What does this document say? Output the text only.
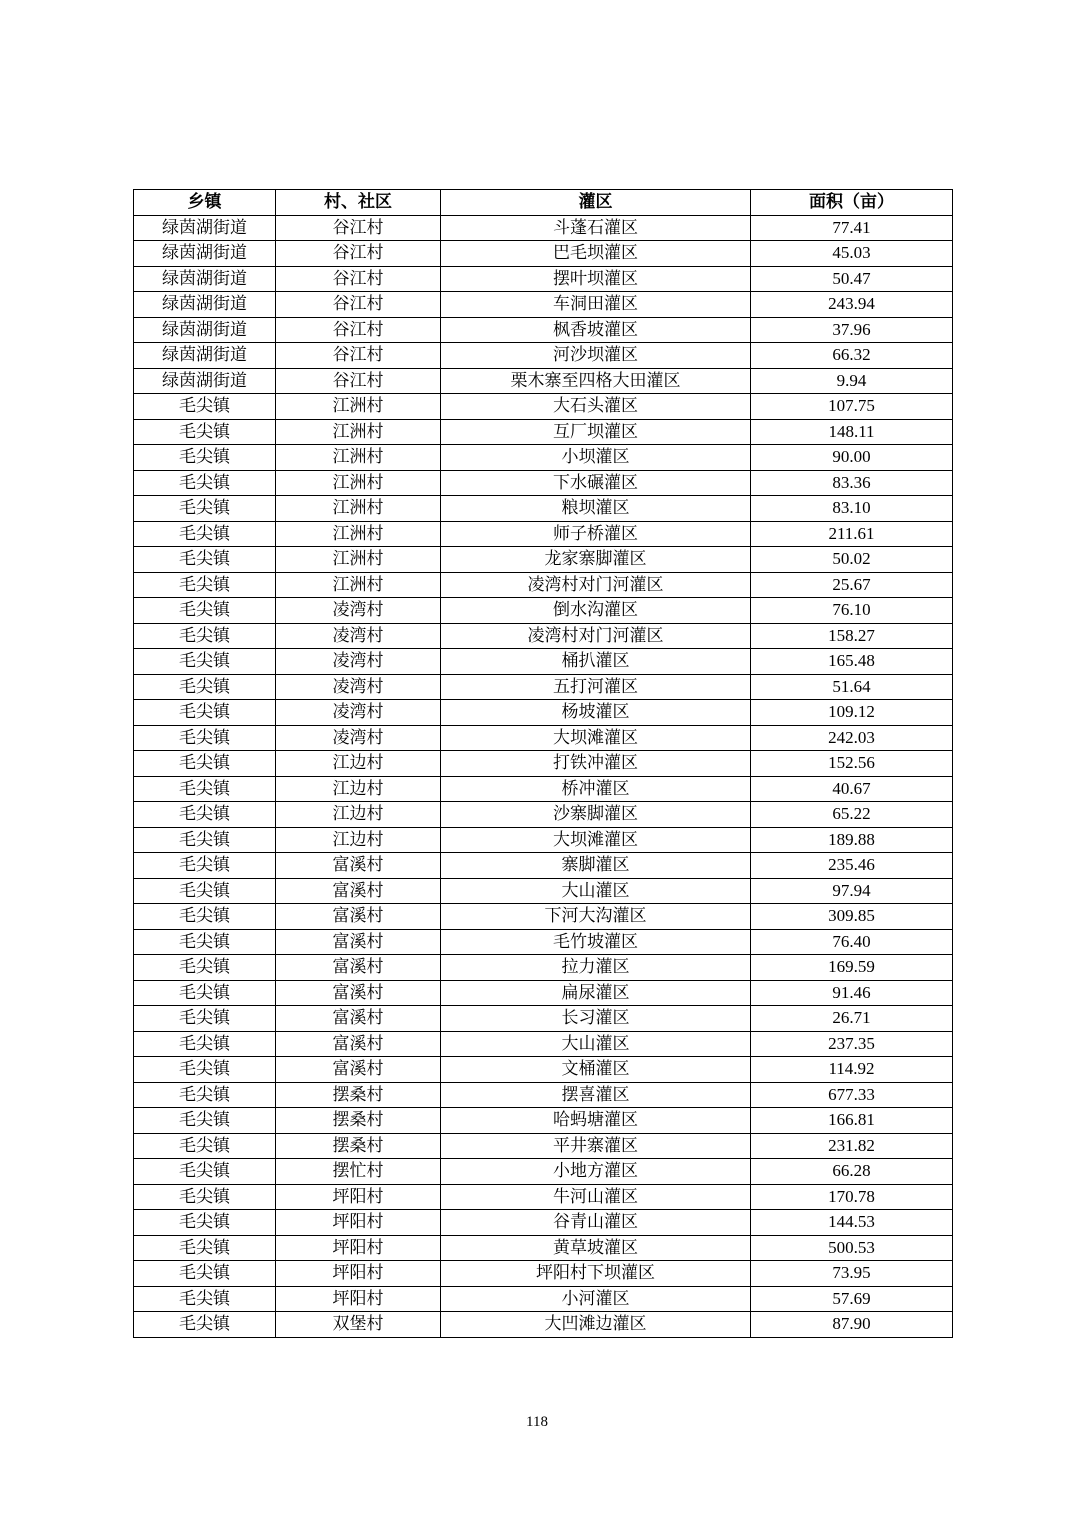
乡镇	村、社区	灌区	面积（亩）
绿茵湖街道	谷江村	斗蓬石灌区	77.41
绿茵湖街道	谷江村	巴毛坝灌区	45.03
绿茵湖街道	谷江村	摆叶坝灌区	50.47
绿茵湖街道	谷江村	车洞田灌区	243.94
绿茵湖街道	谷江村	枫香坡灌区	37.96
绿茵湖街道	谷江村	河沙坝灌区	66.32
绿茵湖街道	谷江村	栗木寨至四格大田灌区	9.94
毛尖镇	江洲村	大石头灌区	107.75
毛尖镇	江洲村	互厂坝灌区	148.11
毛尖镇	江洲村	小坝灌区	90.00
毛尖镇	江洲村	下水碾灌区	83.36
毛尖镇	江洲村	粮坝灌区	83.10
毛尖镇	江洲村	师子桥灌区	211.61
毛尖镇	江洲村	龙家寨脚灌区	50.02
毛尖镇	江洲村	凌湾村对门河灌区	25.67
毛尖镇	凌湾村	倒水沟灌区	76.10
毛尖镇	凌湾村	凌湾村对门河灌区	158.27
毛尖镇	凌湾村	桶扒灌区	165.48
毛尖镇	凌湾村	五打河灌区	51.64
毛尖镇	凌湾村	杨坡灌区	109.12
毛尖镇	凌湾村	大坝滩灌区	242.03
毛尖镇	江边村	打铁冲灌区	152.56
毛尖镇	江边村	桥冲灌区	40.67
毛尖镇	江边村	沙寨脚灌区	65.22
毛尖镇	江边村	大坝滩灌区	189.88
毛尖镇	富溪村	寨脚灌区	235.46
毛尖镇	富溪村	大山灌区	97.94
毛尖镇	富溪村	下河大沟灌区	309.85
毛尖镇	富溪村	毛竹坡灌区	76.40
毛尖镇	富溪村	拉力灌区	169.59
毛尖镇	富溪村	扁尿灌区	91.46
毛尖镇	富溪村	长习灌区	26.71
毛尖镇	富溪村	大山灌区	237.35
毛尖镇	富溪村	文桶灌区	114.92
毛尖镇	摆桑村	摆喜灌区	677.33
毛尖镇	摆桑村	哈蚂塘灌区	166.81
毛尖镇	摆桑村	平井寨灌区	231.82
毛尖镇	摆忙村	小地方灌区	66.28
毛尖镇	坪阳村	牛河山灌区	170.78
毛尖镇	坪阳村	谷青山灌区	144.53
毛尖镇	坪阳村	黄草坡灌区	500.53
毛尖镇	坪阳村	坪阳村下坝灌区	73.95
毛尖镇	坪阳村	小河灌区	57.69
毛尖镇	双堡村	大凹滩边灌区	87.90
118
